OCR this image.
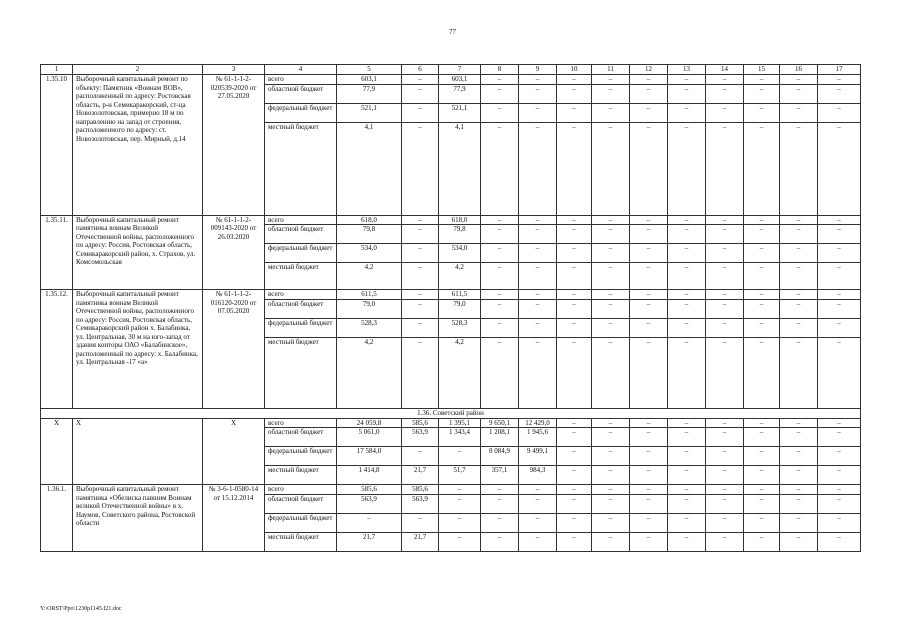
77
1	2	3	4	5	6	7	8	9	10	11	12	13	14	15	16	17
1.35.10	Выборочный капитальный ремонт по объекту: Памятник «Воинам ВОВ», расположенный по адресу: Ростовская область, р-н Семикаракорский, ст-ца Новозолотовская, примерно 18 м по направлению на запад от строения, расположенного по адресу: ст. Новозолотовская, пер. Мирный, д.14	№ 61-1-1-2-020539-2020 от 27.05.2020	всего	603,1	–	603,1	–	–	–	–	–	–	–	–	–	–
			областной бюджет	77,9	–	77,9	–	–	–	–	–	–	–	–	–	–
			федеральный бюджет	521,1	–	521,1	–	–	–	–	–	–	–	–	–	–
			местный бюджет	4,1	–	4,1	–	–	–	–	–	–	–	–	–	–
1.35.11.	Выборочный капитальный ремонт памятника воинам Великой Отечественной войны, расположенного по адресу: Россия, Ростовская область, Семикаракорский район, х. Страхов, ул. Комсомольская	№ 61-1-1-2-009143-2020 от 26.03.2020	всего	618,0	–	618,0	–	–	–	–	–	–	–	–	–	–
			областной бюджет	79,8	–	79,8	–	–	–	–	–	–	–	–	–	–
			федеральный бюджет	534,0	–	534,0	–	–	–	–	–	–	–	–	–	–
			местный бюджет	4,2	–	4,2	–	–	–	–	–	–	–	–	–	–
1.35.12.	Выборочный капитальный ремонт памятника воинам Великой Отечественной войны, расположенного по адресу: Россия, Ростовская область, Семикаракорский район х. Балабинка, ул. Центральная, 30 м на юго-запад от здания конторы ОАО «Балабинское», расположенный по адресу: х. Балабинка, ул. Центральная -17 «а»	№ 61-1-1-2-016120-2020 от 07.05.2020	всего	611,5	–	611,5	–	–	–	–	–	–	–	–	–	–
			областной бюджет	79,0	–	79,0	–	–	–	–	–	–	–	–	–	–
			федеральный бюджет	528,3	–	528,3	–	–	–	–	–	–	–	–	–	–
			местный бюджет	4,2	–	4,2	–	–	–	–	–	–	–	–	–	–
1.36. Советский район																
Х	Х	Х	всего	24 059,8	585,6	1 395,1	9 650,1	12 429,0	–	–	–	–	–	–	–	–
			областной бюджет	5 061,0	563,9	1 343,4	1 208,1	1 945,6	–	–	–	–	–	–	–	–
			федеральный бюджет	17 584,0	–	–	8 084,9	9 499,1	–	–	–	–	–	–	–	–
			местный бюджет	1 414,8	21,7	51,7	357,1	984,3	–	–	–	–	–	–	–	–
1.36.1.	Выборочный капитальный ремонт памятника «Обелиска павшим Воинам великой Отечественной войны» в х. Наумов, Советского района, Ростовской области	№ 3-6-1-0580-14 от 15.12.2014	всего	585,6	585,6	–	–	–	–	–	–	–	–	–	–	–
			областной бюджет	563,9	563,9	–	–	–	–	–	–	–	–	–	–	–
			федеральный бюджет	–	–	–	–	–	–	–	–	–	–	–	–	–
			местный бюджет	21,7	21,7	–	–	–	–	–	–	–	–	–	–	–
Y:\ORST\Ppo\1230p1145.f21.doc
